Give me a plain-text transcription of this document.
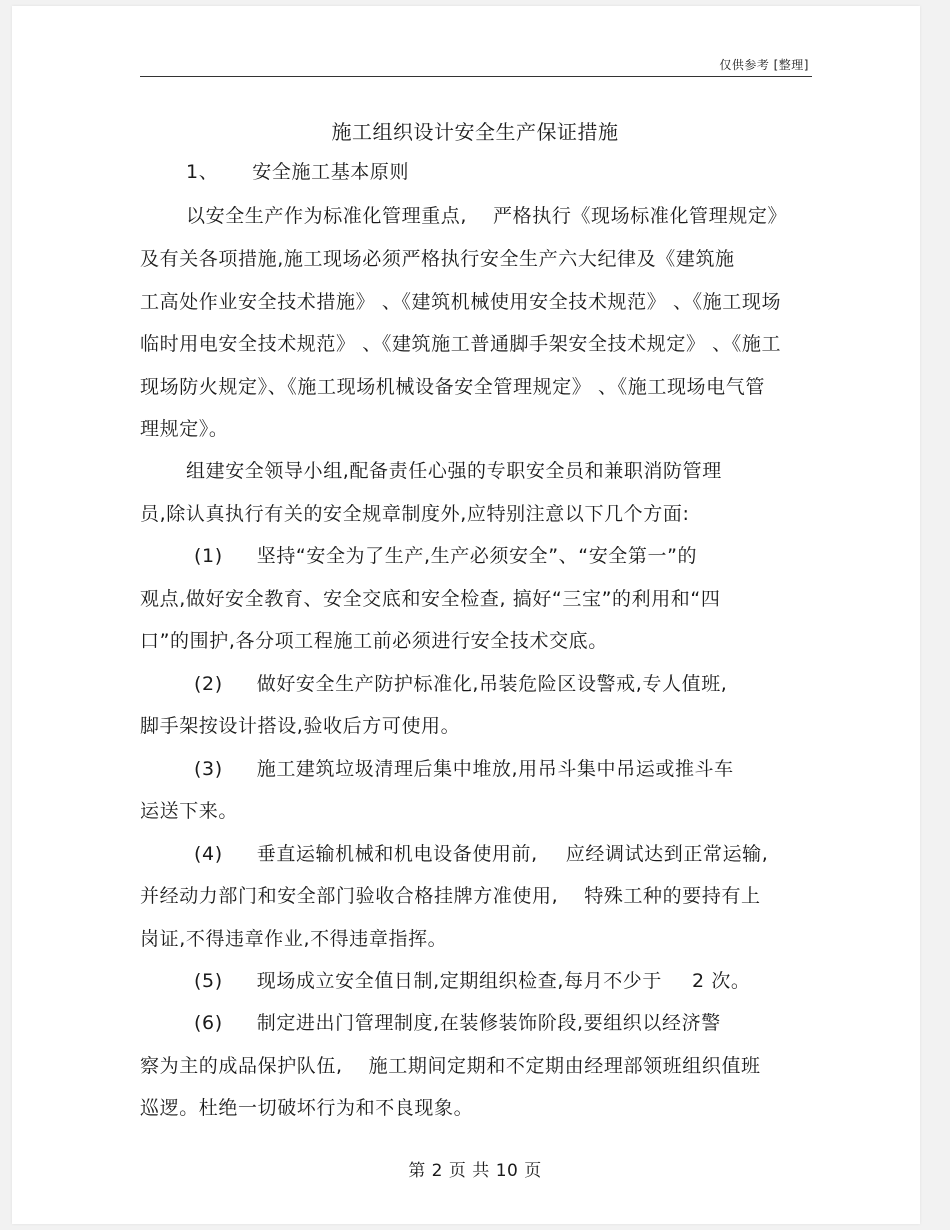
仅供参考 [整理]
施工组织设计安全生产保证措施
1、 安全施工基本原则
以安全生产作为标准化管理重点, 严格执行《现场标准化管理规定》
及有关各项措施,施工现场必须严格执行安全生产六大纪律及《建筑施
工高处作业安全技术措施》 、《建筑机械使用安全技术规范》 、《施工现场
临时用电安全技术规范》 、《建筑施工普通脚手架安全技术规定》 、《施工
现场防火规定》、《施工现场机械设备安全管理规定》 、《施工现场电气管
理规定》。
组建安全领导小组,配备责任心强的专职安全员和兼职消防管理
员,除认真执行有关的安全规章制度外,应特别注意以下几个方面:
(1) 坚持“安全为了生产,生产必须安全”、“安全第一”的
观点,做好安全教育、安全交底和安全检查, 搞好“三宝”的利用和“四
口”的围护,各分项工程施工前必须进行安全技术交底。
(2) 做好安全生产防护标准化,吊装危险区设警戒,专人值班,
脚手架按设计搭设,验收后方可使用。
(3) 施工建筑垃圾清理后集中堆放,用吊斗集中吊运或推斗车
运送下来。
(4) 垂直运输机械和机电设备使用前, 应经调试达到正常运输,
并经动力部门和安全部门验收合格挂牌方准使用, 特殊工种的要持有上
岗证,不得违章作业,不得违章指挥。
(5) 现场成立安全值日制,定期组织检查,每月不少于 2 次。
(6) 制定进出门管理制度,在装修装饰阶段,要组织以经济警
察为主的成品保护队伍, 施工期间定期和不定期由经理部领班组织值班
巡逻。杜绝一切破坏行为和不良现象。
第 2 页 共 10 页
